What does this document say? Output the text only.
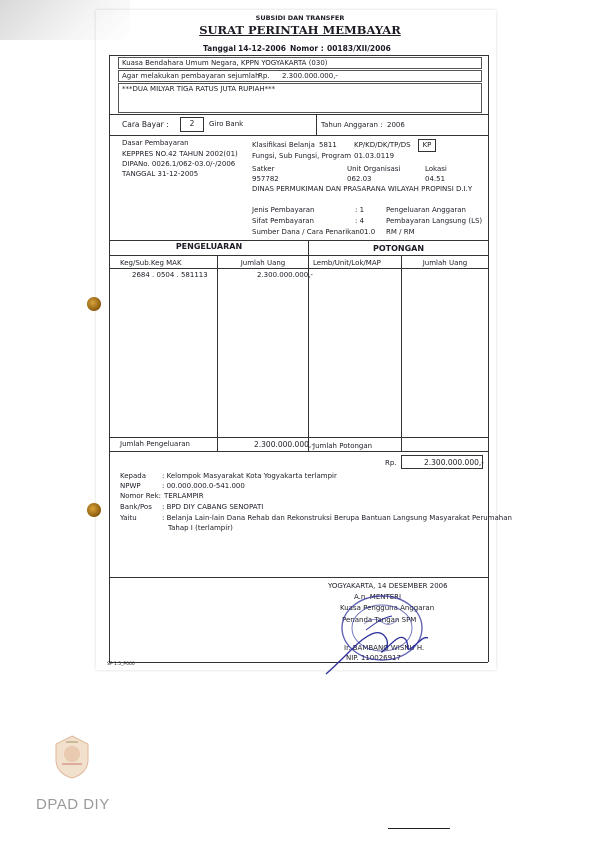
SUBSIDI DAN TRANSFER
SURAT PERINTAH MEMBAYAR
Tanggal 14-12-2006 Nomor : 00183/XII/2006
Kuasa Bendahara Umum Negara, KPPN YOGYAKARTA (030)
Agar melakukan pembayaran sejumlah
Rp. 2.300.000.000,-
***DUA MILYAR TIGA RATUS JUTA RUPIAH***
Cara Bayar :	2	Giro Bank	Tahun Anggaran : 2006
Dasar Pembayaran
KEPPRES NO.42 TAHUN 2002(01)
DIPANo. 0026.1/062-03.0/-/2006
TANGGAL 31-12-2005
Klasifikasi Belanja 5811 KP/KD/DK/TP/DS	KP
Fungsi, Sub Fungsi, Program 01.03.0119
Satker	Unit Organisasi	Lokasi
957782	062.03	04.51
DINAS PERMUKIMAN DAN PRASARANA WILAYAH PROPINSI D.I.Y
Jenis Pembayaran	: 1	Pengeluaran Anggaran
Sifat Pembayaran	: 4	Pembayaran Langsung (LS)
Sumber Dana / Cara Penarikan
: 01.0 RM / RM
PENGELUARAN	POTONGAN
Keg/Sub.Keg MAK	Jumlah Uang	Lemb/Unit/Lok/MAP	Jumlah Uang
2684 . 0504 . 581113	2.300.000.000,-
Jumlah Pengeluaran	2.300.000.000,- Jumlah Potongan
Rp.	2.300.000.000,-
Kepada : Kelompok Masyarakat Kota Yogyakarta terlampir
NPWP	: 00.000.000.0-541.000
Nomor Rek: TERLAMPIR
Bank/Pos : BPD DIY CABANG SENOPATI
Yaitu	: Belanja Lain-lain Dana Rehab dan Rekonstruksi Berupa Bantuan Langsung Masyarakat Perumahan
Tahap I (terlampir)
YOGYAKARTA, 14 DESEMBER 2006
A.n. MENTERI
Kuasa Pengguna Anggaran
Penanda Tangan SPM
Ir. BAMBANG WISNU H.
NIP. 110026917
SP 1.5_P000
DPAD DIY
